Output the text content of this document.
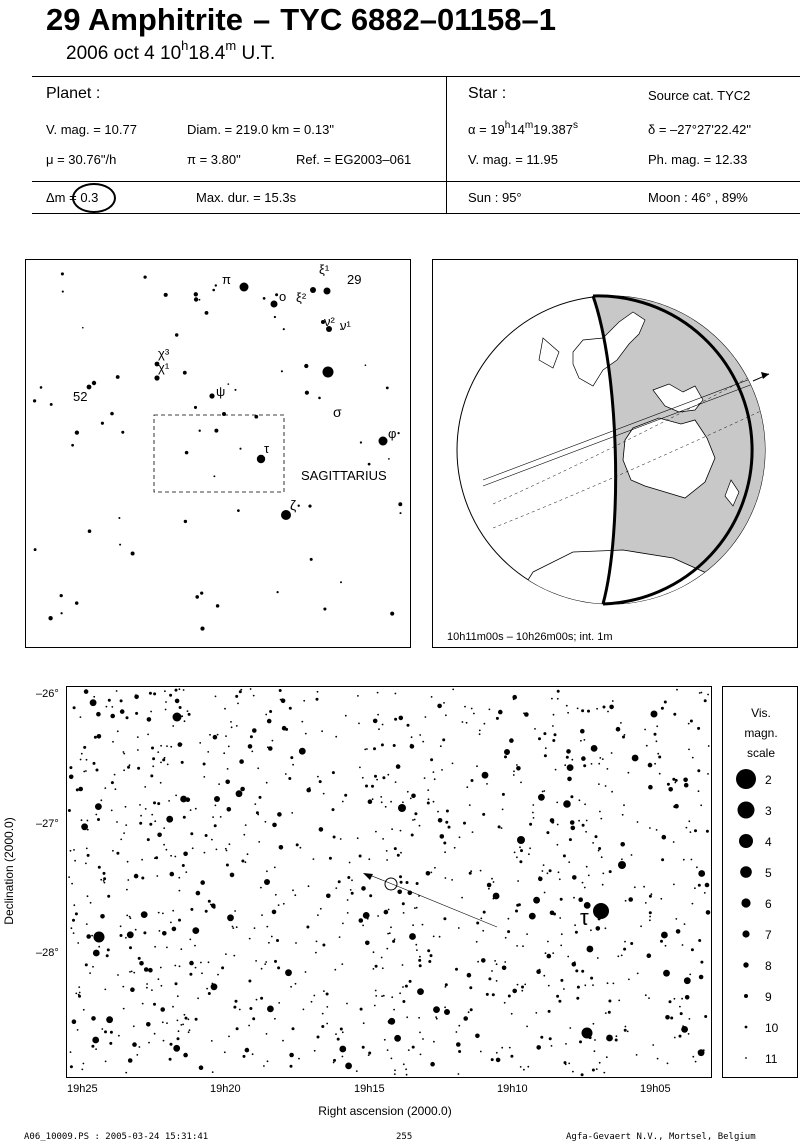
29 Amphitrite – TYC 6882–01158–1
2006 oct 4 10$^h$18.4$^m$ U.T.
Planet :
V. mag. = 10.77	Diam. = 219.0 km = 0.13"
μ = 30.76"/h	π = 3.80"	Ref. = EG2003–061
Star :	Source cat. TYC2
$\alpha = 19^h14^m19.387^s$	δ = –27°27'22.42"
V. mag. = 11.95	Ph. mag. = 12.33
Δm = 0.3	Max. dur. = 15.3s	Sun : 95°	Moon : 46° , 89%
SAGITTARIUS
π
o ξ²
ξ¹
29
ν² ν¹
χ³
χ¹
ψ
σ
φ
τ
ζ
52
10h11m00s – 10h26m00s; int. 1m
τ
–26°
–27°
–28°
19h25	19h20	19h15	19h10	19h05
Right ascension (2000.0)
Declination (2000.0)
Vis.
magn.
scale
2
3
4
5
6
7
8
9
10
11
A06_10009.PS : 2005-03-24 15:31:41	255	Agfa-Gevaert N.V., Mortsel, Belgium
